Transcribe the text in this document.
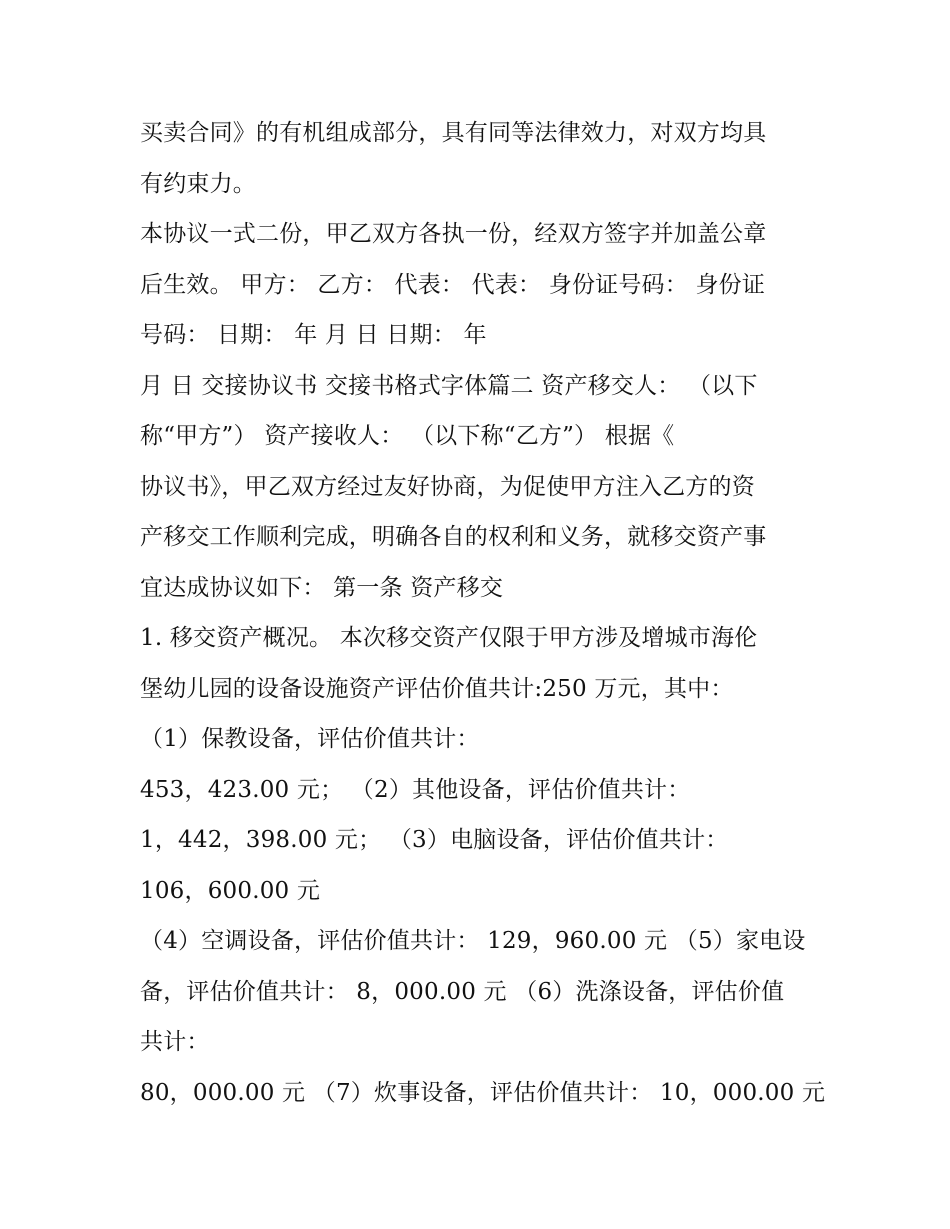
买卖合同》的有机组成部分，具有同等法律效力，对双方均具
有约束力。
本协议一式二份，甲乙双方各执一份，经双方签字并加盖公章
后生效。 甲方： 乙方： 代表： 代表： 身份证号码： 身份证
号码： 日期： 年 月 日 日期： 年
月 日 交接协议书 交接书格式字体篇二 资产移交人： （以下
称“甲方”） 资产接收人： （以下称“乙方”） 根据《
协议书》，甲乙双方经过友好协商，为促使甲方注入乙方的资
产移交工作顺利完成，明确各自的权利和义务，就移交资产事
宜达成协议如下： 第一条 资产移交
1. 移交资产概况。 本次移交资产仅限于甲方涉及增城市海伦
堡幼儿园的设备设施资产评估价值共计:250 万元，其中：
（1）保教设备，评估价值共计：
453，423.00 元； （2）其他设备，评估价值共计：
1，442，398.00 元； （3）电脑设备，评估价值共计：
106，600.00 元
（4）空调设备，评估价值共计： 129，960.00 元 （5）家电设
备，评估价值共计： 8，000.00 元 （6）洗涤设备，评估价值
共计：
80，000.00 元 （7）炊事设备，评估价值共计： 10，000.00 元
